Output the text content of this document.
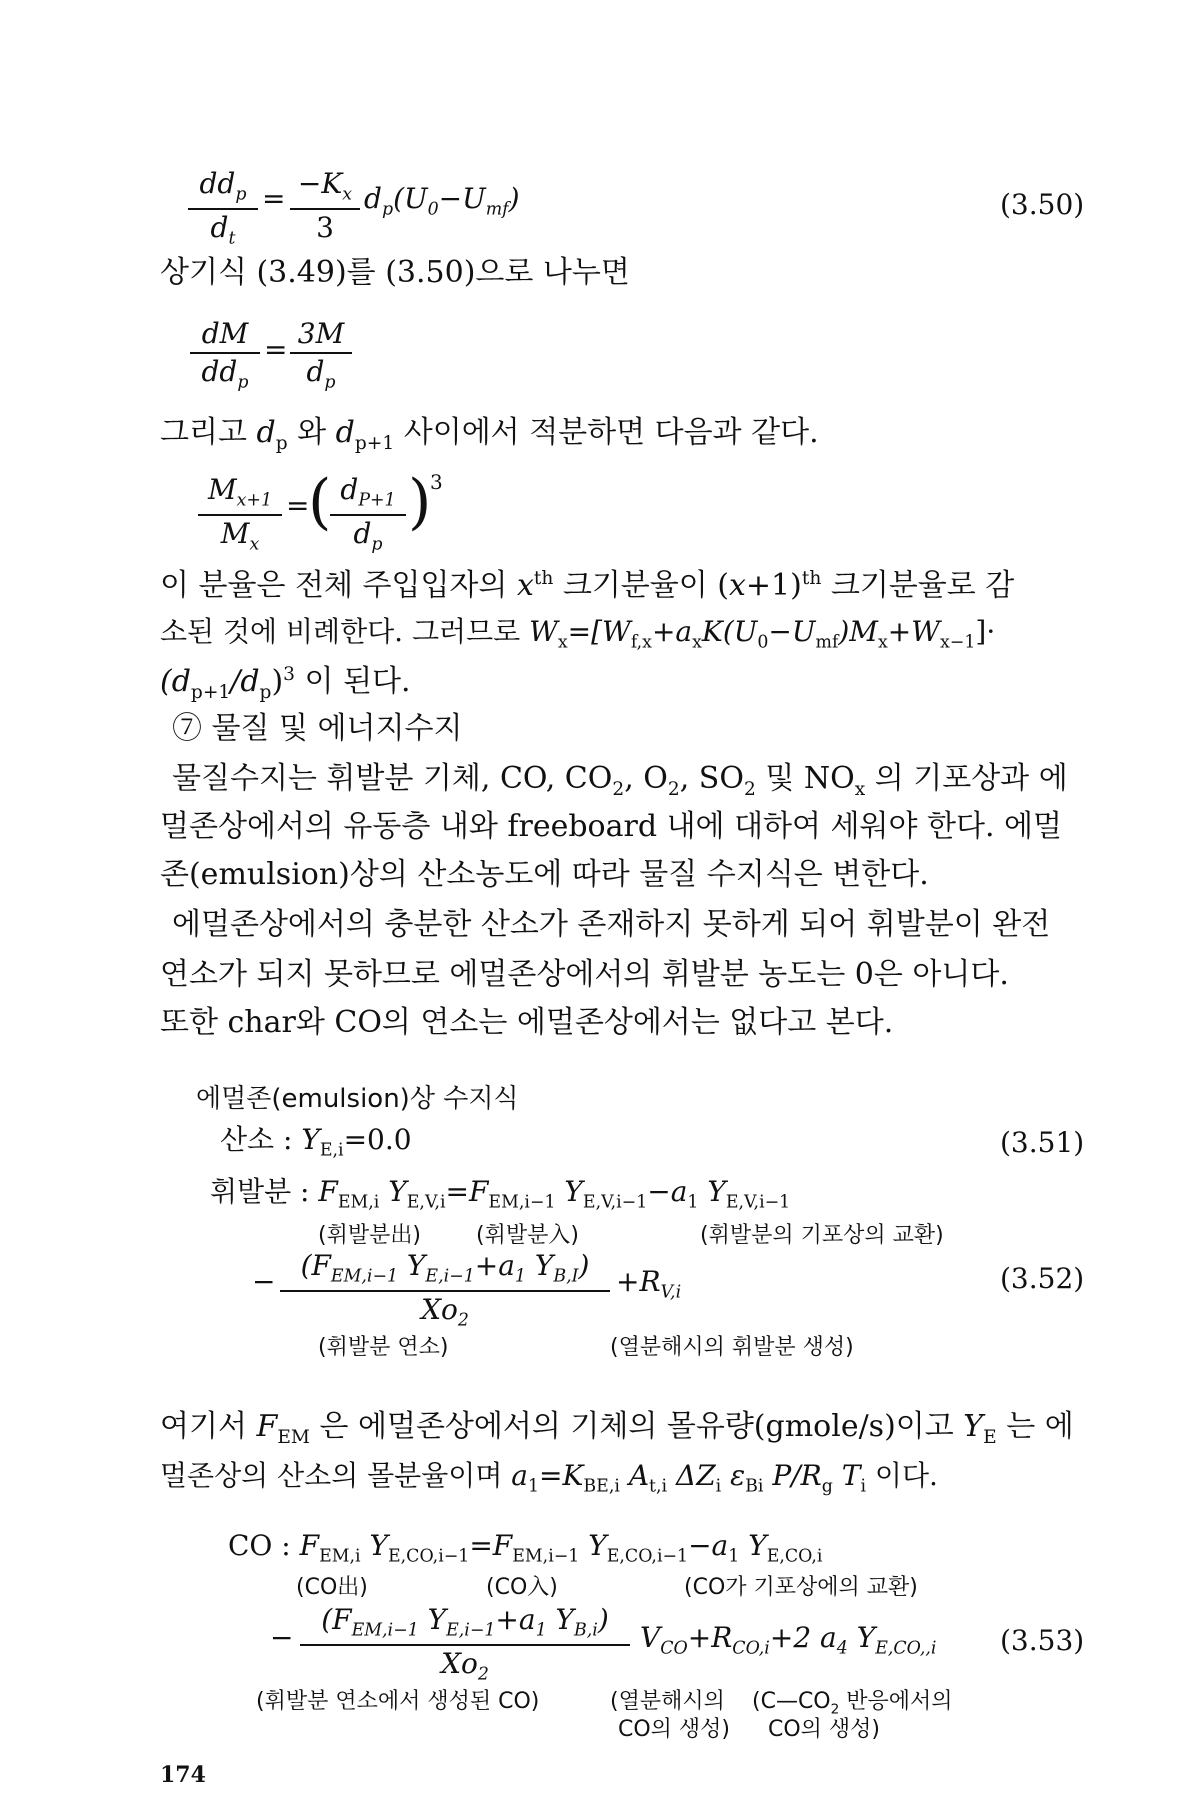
$dd_p$
$d_t$
= $-K_x$
3
$d_p(U_0-U_{mf})$	(3.50)
상기식 (3.49)를 (3.50)으로 나누면
dM
$dd_p$
= 3M
$d_p$
그리고 $d_p$ 와 $d_{p+1}$ 사이에서 적분하면 다음과 같다.
$M_{x+1}$
$M_x$
=
( $d_{P+1}$
$d_p$
)
3
이 분율은 전체 주입입자의 $x^{th}$ 크기분율이 $(x+1)^{th}$ 크기분율로 감
소된 것에 비례한다. 그러므로 $W_x=[W_{f,x}+a_xK(U_0-U_{mf})M_x+W_{x-1}]\cdot$
$(d_{p+1}/d_p)^3$ 이 된다.
⑦ 물질 및 에너지수지
물질수지는 휘발분 기체, CO, $CO_2$, $O_2$, $SO_2$ 및 $NO_x$ 의 기포상과 에
멀존상에서의 유동층 내와 freeboard 내에 대하여 세워야 한다. 에멀
존(emulsion)상의 산소농도에 따라 물질 수지식은 변한다.
에멀존상에서의 충분한 산소가 존재하지 못하게 되어 휘발분이 완전
연소가 되지 못하므로 에멀존상에서의 휘발분 농도는 0은 아니다.
또한 char와 CO의 연소는 에멀존상에서는 없다고 본다.
에멀존(emulsion)상 수지식
산소 : $Y_{E,i}=0.0$	(3.51)
휘발분 : $F_{EM,i}$ $Y_{E,V,i}=F_{EM,i-1}$ $Y_{E,V,i-1}-a_1$ $Y_{E,V,i-1}$
(휘발분出)	(휘발분入)	(휘발분의 기포상의 교환)
− ($F_{EM,i-1}$ $Y_{E,i-1}+a_1$ $Y_{B,I}$)
$Xo_2$
$+R_{V,i}$	(3.52)
(휘발분 연소)	(열분해시의 휘발분 생성)
여기서 $F_{EM}$ 은 에멀존상에서의 기체의 몰유량(gmole/s)이고 $Y_E$ 는 에
멀존상의 산소의 몰분율이며 $a_1=K_{BE,i}$ $A_{t,i}$ $\Delta Z_i$ $\varepsilon_{Bi}$ $P/R_g$ $T_i$ 이다.
CO : $F_{EM,i}$ $Y_{E,CO,i-1}=F_{EM,i-1}$ $Y_{E,CO,i-1}-a_1$ $Y_{E,CO,i}$
(CO出)	(CO入)	(CO가 기포상에의 교환)
−
($F_{EM,i-1}$ $Y_{E,i-1}+a_1$ $Y_{B,i}$)
$Xo_2$
$V_{CO}+R_{CO,i}+2$ $a_4$ $Y_{E,CO,,i}$ (3.53)
(휘발분 연소에서 생성된 CO)	(열분해시의
CO의 생성)
($C—CO_2$ 반응에서의
CO의 생성)
174
